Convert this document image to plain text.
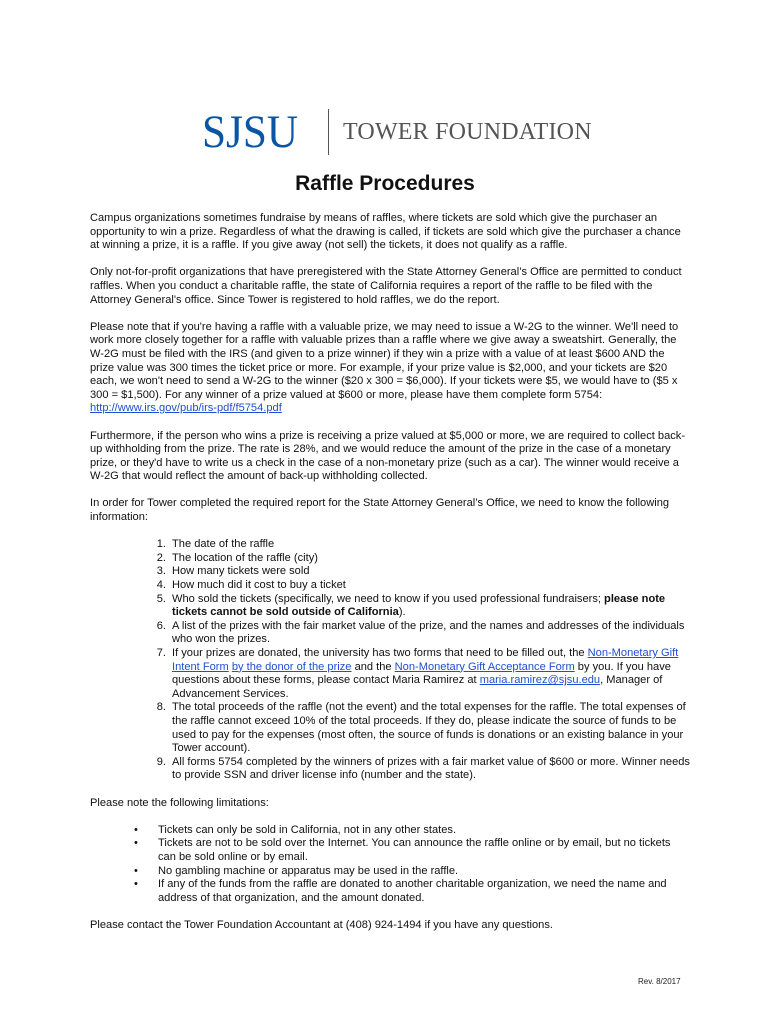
SJSU	TOWER FOUNDATION
Raffle Procedures

Campus organizations sometimes fundraise by means of raffles, where tickets are sold which give the purchaser an opportunity to win a prize. Regardless of what the drawing is called, if tickets are sold which give the purchaser a chance at winning a prize, it is a raffle. If you give away (not sell) the tickets, it does not qualify as a raffle.

Only not-for-profit organizations that have preregistered with the State Attorney General’s Office are permitted to conduct raffles. When you conduct a charitable raffle, the state of California requires a report of the raffle to be filed with the Attorney General's office. Since Tower is registered to hold raffles, we do the report.

Please note that if you're having a raffle with a valuable prize, we may need to issue a W-2G to the winner. We'll need to work more closely together for a raffle with valuable prizes than a raffle where we give away a sweatshirt. Generally, the W-2G must be filed with the IRS (and given to a prize winner) if they win a prize with a value of at least $600 AND the prize value was 300 times the ticket price or more. For example, if your prize value is $2,000, and your tickets are $20 each, we won't need to send a W-2G to the winner ($20 x 300 = $6,000). If your tickets were $5, we would have to ($5 x 300 = $1,500). For any winner of a prize valued at $600 or more, please have them complete form 5754: http://www.irs.gov/pub/irs-pdf/f5754.pdf

Furthermore, if the person who wins a prize is receiving a prize valued at $5,000 or more, we are required to collect back-up withholding from the prize. The rate is 28%, and we would reduce the amount of the prize in the case of a monetary prize, or they'd have to write us a check in the case of a non-monetary prize (such as a car). The winner would receive a W-2G that would reflect the amount of back-up withholding collected.

In order for Tower completed the required report for the State Attorney General’s Office, we need to know the following information:

1. The date of the raffle
2. The location of the raffle (city)
3. How many tickets were sold
4. How much did it cost to buy a ticket
5. Who sold the tickets (specifically, we need to know if you used professional fundraisers; please note tickets cannot be sold outside of California).
6. A list of the prizes with the fair market value of the prize, and the names and addresses of the individuals who won the prizes.
7. If your prizes are donated, the university has two forms that need to be filled out, the Non-Monetary Gift Intent Form by the donor of the prize and the Non-Monetary Gift Acceptance Form by you. If you have questions about these forms, please contact Maria Ramirez at maria.ramirez@sjsu.edu, Manager of Advancement Services.
8. The total proceeds of the raffle (not the event) and the total expenses for the raffle. The total expenses of the raffle cannot exceed 10% of the total proceeds. If they do, please indicate the source of funds to be used to pay for the expenses (most often, the source of funds is donations or an existing balance in your Tower account).
9. All forms 5754 completed by the winners of prizes with a fair market value of $600 or more. Winner needs to provide SSN and driver license info (number and the state).

Please note the following limitations:

• Tickets can only be sold in California, not in any other states.
• Tickets are not to be sold over the Internet. You can announce the raffle online or by email, but no tickets can be sold online or by email.
• No gambling machine or apparatus may be used in the raffle.
• If any of the funds from the raffle are donated to another charitable organization, we need the name and address of that organization, and the amount donated.

Please contact the Tower Foundation Accountant at (408) 924-1494 if you have any questions.

Rev. 8/2017
